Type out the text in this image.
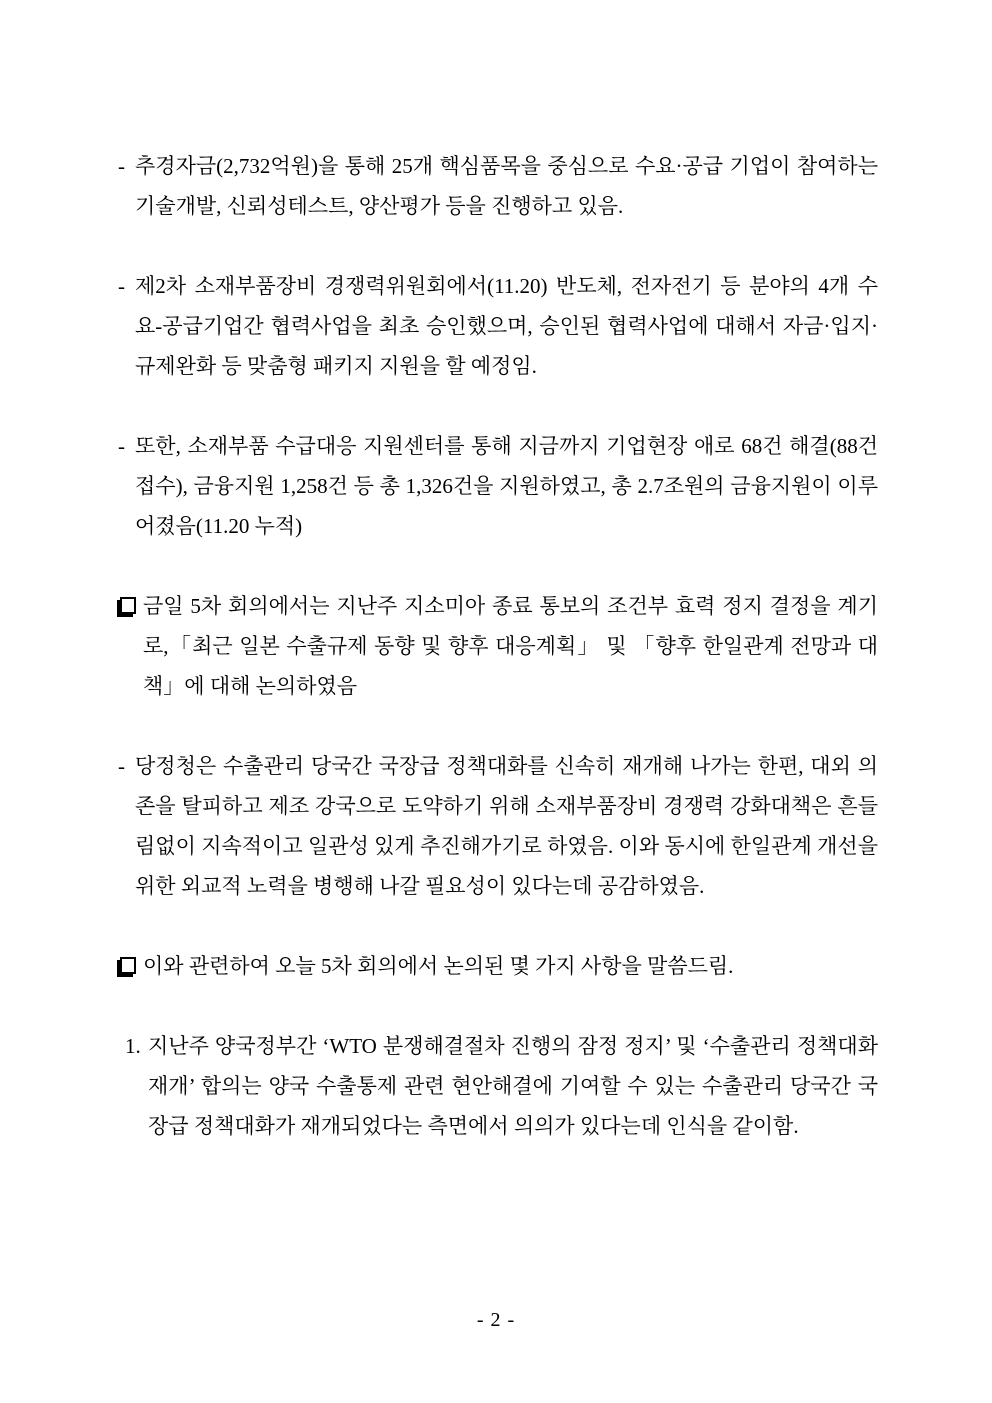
- 추경자금(2,732억원)을 통해 25개 핵심품목을 중심으로 수요·공급 기업이 참여하는 기술개발, 신뢰성테스트, 양산평가 등을 진행하고 있음.
- 제2차 소재부품장비 경쟁력위원회에서(11.20) 반도체, 전자전기 등 분야의 4개 수요-공급기업간 협력사업을 최초 승인했으며, 승인된 협력사업에 대해서 자금·입지·규제완화 등 맞춤형 패키지 지원을 할 예정임.
- 또한, 소재부품 수급대응 지원센터를 통해 지금까지 기업현장 애로 68건 해결(88건 접수), 금융지원 1,258건 등 총 1,326건을 지원하였고, 총 2.7조원의 금융지원이 이루어졌음(11.20 누적)
금일 5차 회의에서는 지난주 지소미아 종료 통보의 조건부 효력 정지 결정을 계기로,「최근 일본 수출규제 동향 및 향후 대응계획」 및 「향후 한일관계 전망과 대책」에 대해 논의하였음
- 당정청은 수출관리 당국간 국장급 정책대화를 신속히 재개해 나가는 한편, 대외 의존을 탈피하고 제조 강국으로 도약하기 위해 소재부품장비 경쟁력 강화대책은 흔들림없이 지속적이고 일관성 있게 추진해가기로 하였음. 이와 동시에 한일관계 개선을 위한 외교적 노력을 병행해 나갈 필요성이 있다는데 공감하였음.
이와 관련하여 오늘 5차 회의에서 논의된 몇 가지 사항을 말씀드림.
1. 지난주 양국정부간 ‘WTO 분쟁해결절차 진행의 잠정 정지’ 및 ‘수출관리 정책대화 재개’ 합의는 양국 수출통제 관련 현안해결에 기여할 수 있는 수출관리 당국간 국장급 정책대화가 재개되었다는 측면에서 의의가 있다는데 인식을 같이함.
- 2 -
